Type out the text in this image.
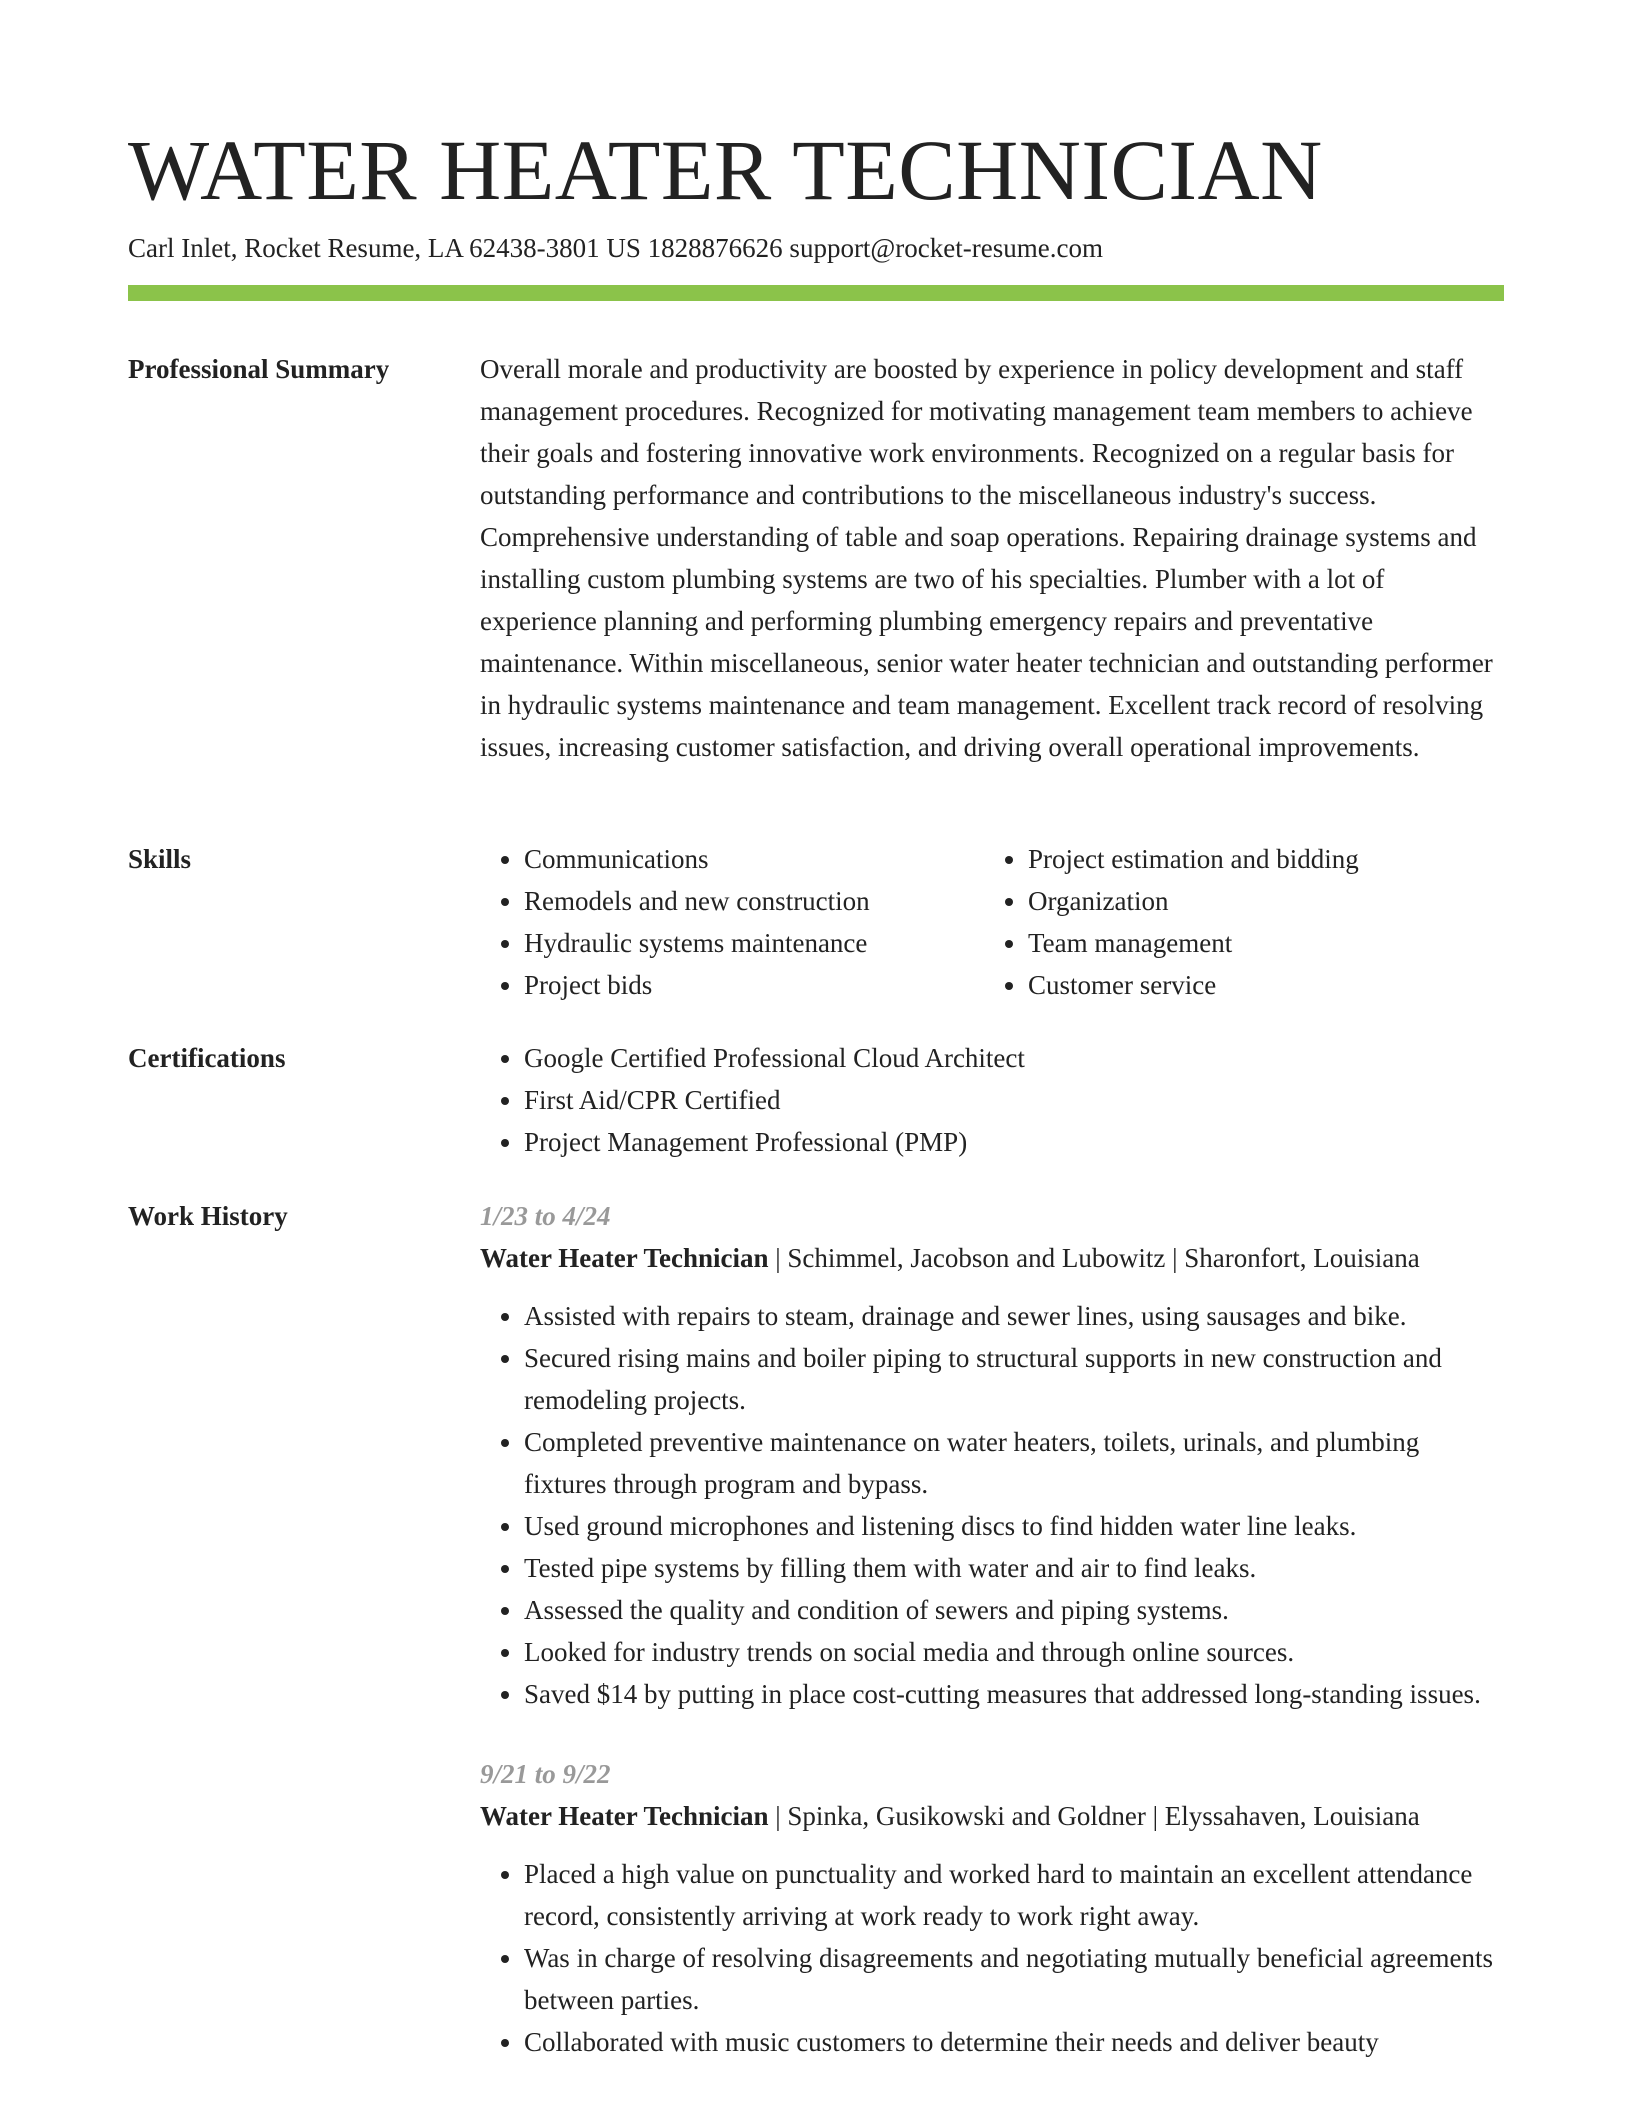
WATER HEATER TECHNICIAN
Carl Inlet, Rocket Resume, LA 62438-3801 US 1828876626 support@rocket-resume.com
Professional Summary	Overall morale and productivity are boosted by experience in policy development and staff management procedures. Recognized for motivating management team members to achieve their goals and fostering innovative work environments. Recognized on a regular basis for outstanding performance and contributions to the miscellaneous industry's success. Comprehensive understanding of table and soap operations. Repairing drainage systems and installing custom plumbing systems are two of his specialties. Plumber with a lot of experience planning and performing plumbing emergency repairs and preventative maintenance. Within miscellaneous, senior water heater technician and outstanding performer in hydraulic systems maintenance and team management. Excellent track record of resolving issues, increasing customer satisfaction, and driving overall operational improvements.

Skills	• Communications
• Remodels and new construction
• Hydraulic systems maintenance
• Project bids
• Project estimation and bidding
• Organization
• Team management
• Customer service
Certifications	• Google Certified Professional Cloud Architect
• First Aid/CPR Certified
• Project Management Professional (PMP)
Work History	1/23 to 4/24
Water Heater Technician | Schimmel, Jacobson and Lubowitz | Sharonfort, Louisiana
• Assisted with repairs to steam, drainage and sewer lines, using sausages and bike.
• Secured rising mains and boiler piping to structural supports in new construction and remodeling projects.
• Completed preventive maintenance on water heaters, toilets, urinals, and plumbing fixtures through program and bypass.
• Used ground microphones and listening discs to find hidden water line leaks.
• Tested pipe systems by filling them with water and air to find leaks.
• Assessed the quality and condition of sewers and piping systems.
• Looked for industry trends on social media and through online sources.
• Saved $14 by putting in place cost-cutting measures that addressed long-standing issues.
9/21 to 9/22
Water Heater Technician | Spinka, Gusikowski and Goldner | Elyssahaven, Louisiana
• Placed a high value on punctuality and worked hard to maintain an excellent attendance record, consistently arriving at work ready to work right away.
• Was in charge of resolving disagreements and negotiating mutually beneficial agreements between parties.
• Collaborated with music customers to determine their needs and deliver beauty
